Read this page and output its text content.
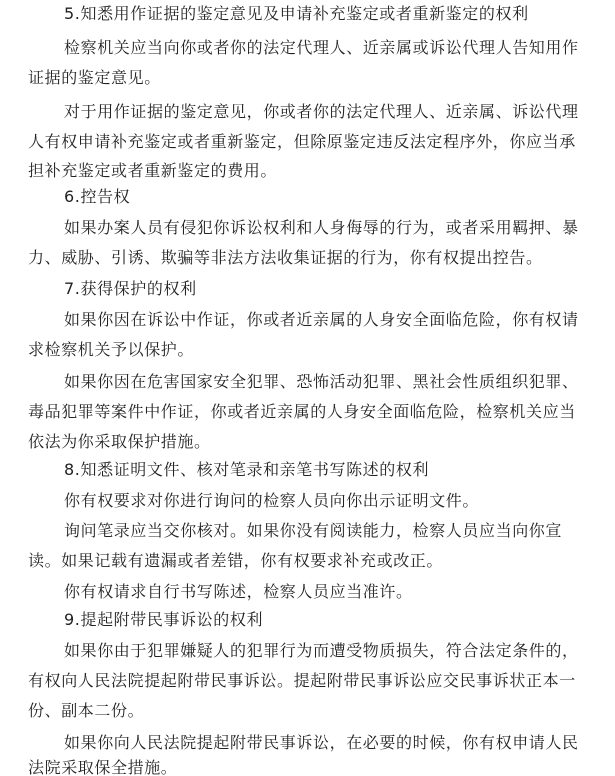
5.知悉用作证据的鉴定意见及申请补充鉴定或者重新鉴定的权利
检察机关应当向你或者你的法定代理人、近亲属或诉讼代理人告知用作
证据的鉴定意见。
对于用作证据的鉴定意见，你或者你的法定代理人、近亲属、诉讼代理
人有权申请补充鉴定或者重新鉴定，但除原鉴定违反法定程序外，你应当承
担补充鉴定或者重新鉴定的费用。
6.控告权
如果办案人员有侵犯你诉讼权利和人身侮辱的行为，或者采用羁押、暴
力、威胁、引诱、欺骗等非法方法收集证据的行为，你有权提出控告。
7.获得保护的权利
如果你因在诉讼中作证，你或者近亲属的人身安全面临危险，你有权请
求检察机关予以保护。
如果你因在危害国家安全犯罪、恐怖活动犯罪、黑社会性质组织犯罪、
毒品犯罪等案件中作证，你或者近亲属的人身安全面临危险，检察机关应当
依法为你采取保护措施。
8.知悉证明文件、核对笔录和亲笔书写陈述的权利
你有权要求对你进行询问的检察人员向你出示证明文件。
询问笔录应当交你核对。如果你没有阅读能力，检察人员应当向你宣
读。如果记载有遗漏或者差错，你有权要求补充或改正。
你有权请求自行书写陈述，检察人员应当准许。
9.提起附带民事诉讼的权利
如果你由于犯罪嫌疑人的犯罪行为而遭受物质损失，符合法定条件的，
有权向人民法院提起附带民事诉讼。提起附带民事诉讼应交民事诉状正本一
份、副本二份。
如果你向人民法院提起附带民事诉讼，在必要的时候，你有权申请人民
法院采取保全措施。
